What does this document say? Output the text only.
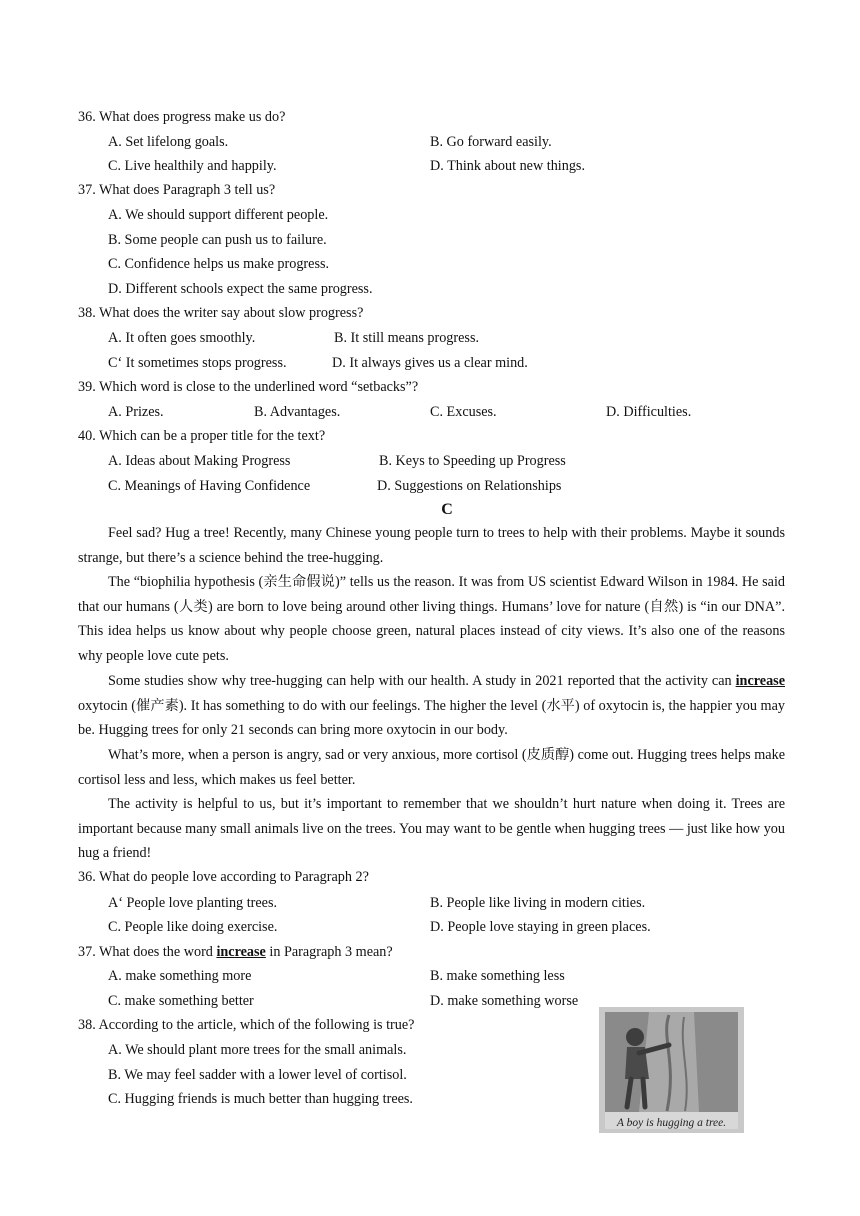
36. What does progress make us do?
A. Set lifelong goals.	B. Go forward easily.
C. Live healthily and happily.	D. Think about new things.
37. What does Paragraph 3 tell us?
A. We should support different people.
B. Some people can push us to failure.
C. Confidence helps us make progress.
D. Different schools expect the same progress.
38. What does the writer say about slow progress?
A. It often goes smoothly.	B. It still means progress.
C‘ It sometimes stops progress.	D. It always gives us a clear mind.
39. Which word is close to the underlined word “setbacks”?
A. Prizes.	B. Advantages.	C. Excuses.	D. Difficulties.
40. Which can be a proper title for the text?
A. Ideas about Making Progress	B. Keys to Speeding up Progress
C. Meanings of Having Confidence	D. Suggestions on Relationships
C
Feel sad? Hug a tree! Recently, many Chinese young people turn to trees to help with their problems. Maybe it sounds strange, but there’s a science behind the tree-hugging.
The “biophilia hypothesis (亲生命假说)” tells us the reason. It was from US scientist Edward Wilson in 1984. He said that our humans (人类) are born to love being around other living things. Humans’ love for nature (自然) is “in our DNA”. This idea helps us know about why people choose green, natural places instead of city views. It’s also one of the reasons why people love cute pets.
Some studies show why tree-hugging can help with our health. A study in 2021 reported that the activity can increase oxytocin (催产素). It has something to do with our feelings. The higher the level (水平) of oxytocin is, the happier you may be. Hugging trees for only 21 seconds can bring more oxytocin in our body.
What’s more, when a person is angry, sad or very anxious, more cortisol (皮质醇) come out. Hugging trees helps make cortisol less and less, which makes us feel better.
The activity is helpful to us, but it’s important to remember that we shouldn’t hurt nature when doing it. Trees are important because many small animals live on the trees. You may want to be gentle when hugging trees — just like how you hug a friend!
36. What do people love according to Paragraph 2?
A‘ People love planting trees.	B. People like living in modern cities.
C. People like doing exercise.	D. People love staying in green places.
37. What does the word increase in Paragraph 3 mean?
A. make something more	B. make something less
C. make something better	D. make something worse
38. According to the article, which of the following is true?
A. We should plant more trees for the small animals.
B. We may feel sadder with a lower level of cortisol.
C. Hugging friends is much better than hugging trees.
A boy is hugging a tree.
